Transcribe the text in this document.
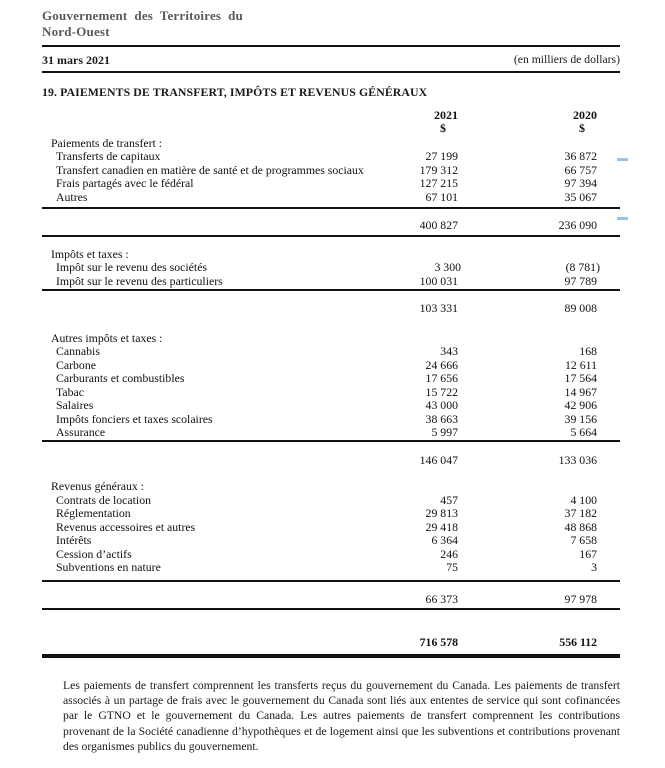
Gouvernement des Territoires du
Nord-Ouest
31 mars 2021	(en milliers de dollars)
19. PAIEMENTS DE TRANSFERT, IMPÔTS ET REVENUS GÉNÉRAUX
2021
$
2020
$
Paiements de transfert :
Transferts de capitaux	27 199	36 872
Transfert canadien en matière de santé et de programmes sociaux	179 312	66 757
Frais partagés avec le fédéral	127 215	97 394
Autres	67 101	35 067
400 827	236 090
Impôts et taxes :
Impôt sur le revenu des sociétés	3 300	(8 781)
Impôt sur le revenu des particuliers	100 031	97 789
103 331	89 008
Autres impôts et taxes :
Cannabis	343	168
Carbone	24 666	12 611
Carburants et combustibles	17 656	17 564
Tabac	15 722	14 967
Salaires	43 000	42 906
Impôts fonciers et taxes scolaires	38 663	39 156
Assurance	5 997	5 664
146 047	133 036
Revenus généraux :
Contrats de location	457	4 100
Réglementation	29 813	37 182
Revenus accessoires et autres	29 418	48 868
Intérêts	6 364	7 658
Cession d’actifs	246	167
Subventions en nature	75	3
66 373	97 978
716 578	556 112

Les paiements de transfert comprennent les transferts reçus du gouvernement du Canada. Les paiements de transfert associés à un partage de frais avec le gouvernement du Canada sont liés aux ententes de service qui sont cofinancées par le GTNO et le gouvernement du Canada. Les autres paiements de transfert comprennent les contributions provenant de la Société canadienne d’hypothèques et de logement ainsi que les subventions et contributions provenant des organismes publics du gouvernement.
